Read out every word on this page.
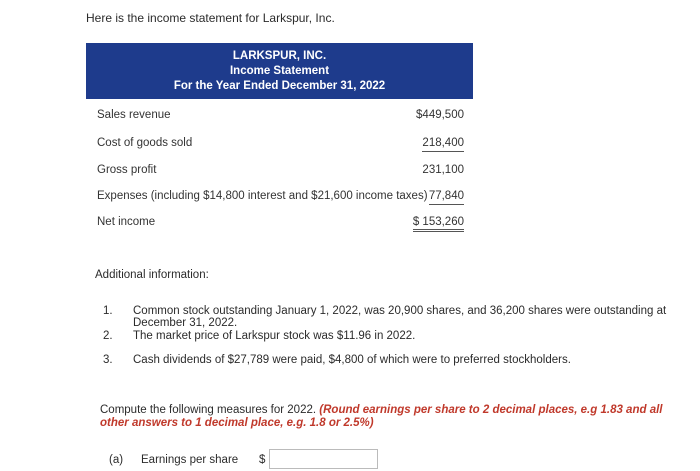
Here is the income statement for Larkspur, Inc.
LARKSPUR, INC.
Income Statement
For the Year Ended December 31, 2022
Sales revenue	$449,500
Cost of goods sold	218,400
Gross profit	231,100
Expenses (including $14,800 interest and $21,600 income taxes) 77,840
Net income	$ 153,260
Additional information:
1. Common stock outstanding January 1, 2022, was 20,900 shares, and 36,200 shares were outstanding at December 31, 2022.
2. The market price of Larkspur stock was $11.96 in 2022.
3. Cash dividends of $27,789 were paid, $4,800 of which were to preferred stockholders.
Compute the following measures for 2022. (Round earnings per share to 2 decimal places, e.g 1.83 and all other answers to 1 decimal place, e.g. 1.8 or 2.5%)
(a) Earnings per share $
